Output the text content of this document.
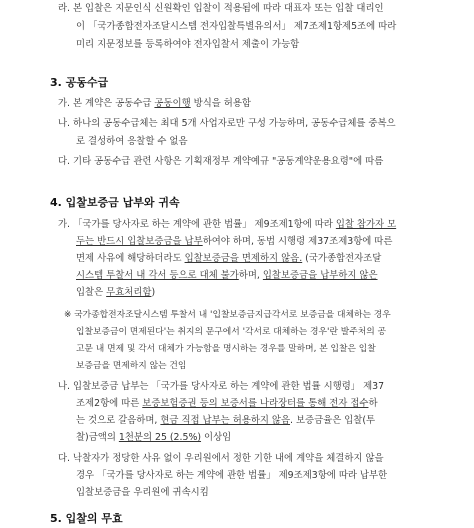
라. 본 입찰은 지문인식 신원확인 입찰이 적용됨에 따라 대표자 또는 입찰 대리인
이 「국가종합전자조달시스템 전자입찰특별유의서」 제7조제1항제5조에 따라
미리 지문정보를 등록하여야 전자입찰서 제출이 가능함
3. 공동수급
가. 본 계약은 공동수급 공동이행 방식을 허용함
나. 하나의 공동수급체는 최대 5개 사업자로만 구성 가능하며, 공동수급체를 중복으
로 결성하여 응찰할 수 없음
다. 기타 공동수급 관련 사항은 기획재정부 계약예규 "공동계약운용요령"에 따름
4. 입찰보증금 납부와 귀속
가. 「국가를 당사자로 하는 계약에 관한 법률」 제9조제1항에 따라 입찰 참가자 모
두는 반드시 입찰보증금을 납부하여야 하며, 동법 시행령 제37조제3항에 따른
면제 사유에 해당하더라도 입찰보증금을 면제하지 않음. (국가종합전자조달
시스템 투찰서 내 각서 등으로 대체 불가하며, 입찰보증금을 납부하지 않은
입찰은 무효처리함)
※ 국가종합전자조달시스템 투찰서 내 '입찰보증금지급각서로 보증금을 대체하는 경우
입찰보증금이 면제된다'는 취지의 문구에서 '각서로 대체하는 경우'란 발주처의 공
고문 내 면제 및 각서 대체가 가능함을 명시하는 경우를 말하며, 본 입찰은 입찰
보증금을 면제하지 않는 건임
나. 입찰보증금 납부는 「국가를 당사자로 하는 계약에 관한 법률 시행령」 제37
조제2항에 따른 보증보험증권 등의 보증서를 나라장터를 통해 전자 접수하
는 것으로 갈음하며, 현금 직접 납부는 허용하지 않음. 보증금율은 입찰(투
찰)금액의 1천분의 25 (2.5%) 이상임
다. 낙찰자가 정당한 사유 없이 우리원에서 정한 기한 내에 계약을 체결하지 않을
경우 「국가를 당사자로 하는 계약에 관한 법률」 제9조제3항에 따라 납부한
입찰보증금을 우리원에 귀속시킴
5. 입찰의 무효
